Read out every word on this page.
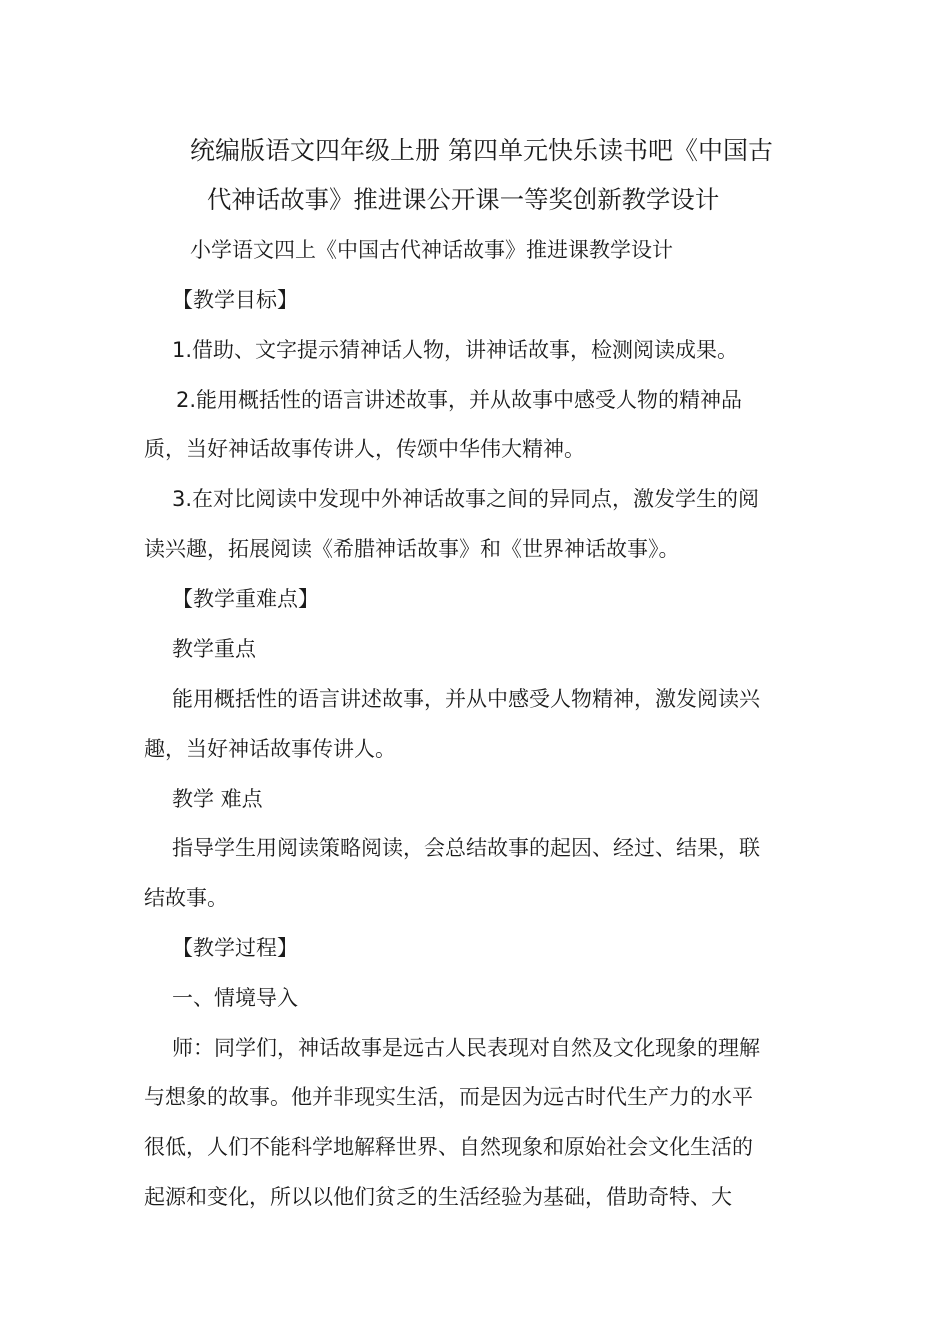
统编版语文四年级上册 第四单元快乐读书吧《中国古
代神话故事》推进课公开课一等奖创新教学设计

小学语文四上《中国古代神话故事》推进课教学设计

【教学目标】

1.借助、文字提示猜神话人物，讲神话故事，检测阅读成果。

2.能用概括性的语言讲述故事，并从故事中感受人物的精神品

质，当好神话故事传讲人，传颂中华伟大精神。

3.在对比阅读中发现中外神话故事之间的异同点，激发学生的阅

读兴趣，拓展阅读《希腊神话故事》和《世界神话故事》。

【教学重难点】

教学重点

能用概括性的语言讲述故事，并从中感受人物精神，激发阅读兴

趣，当好神话故事传讲人。

教学 难点

指导学生用阅读策略阅读，会总结故事的起因、经过、结果，联

结故事。

【教学过程】

一、情境导入

师：同学们，神话故事是远古人民表现对自然及文化现象的理解

与想象的故事。他并非现实生活，而是因为远古时代生产力的水平

很低，人们不能科学地解释世界、自然现象和原始社会文化生活的

起源和变化，所以以他们贫乏的生活经验为基础，借助奇特、大
